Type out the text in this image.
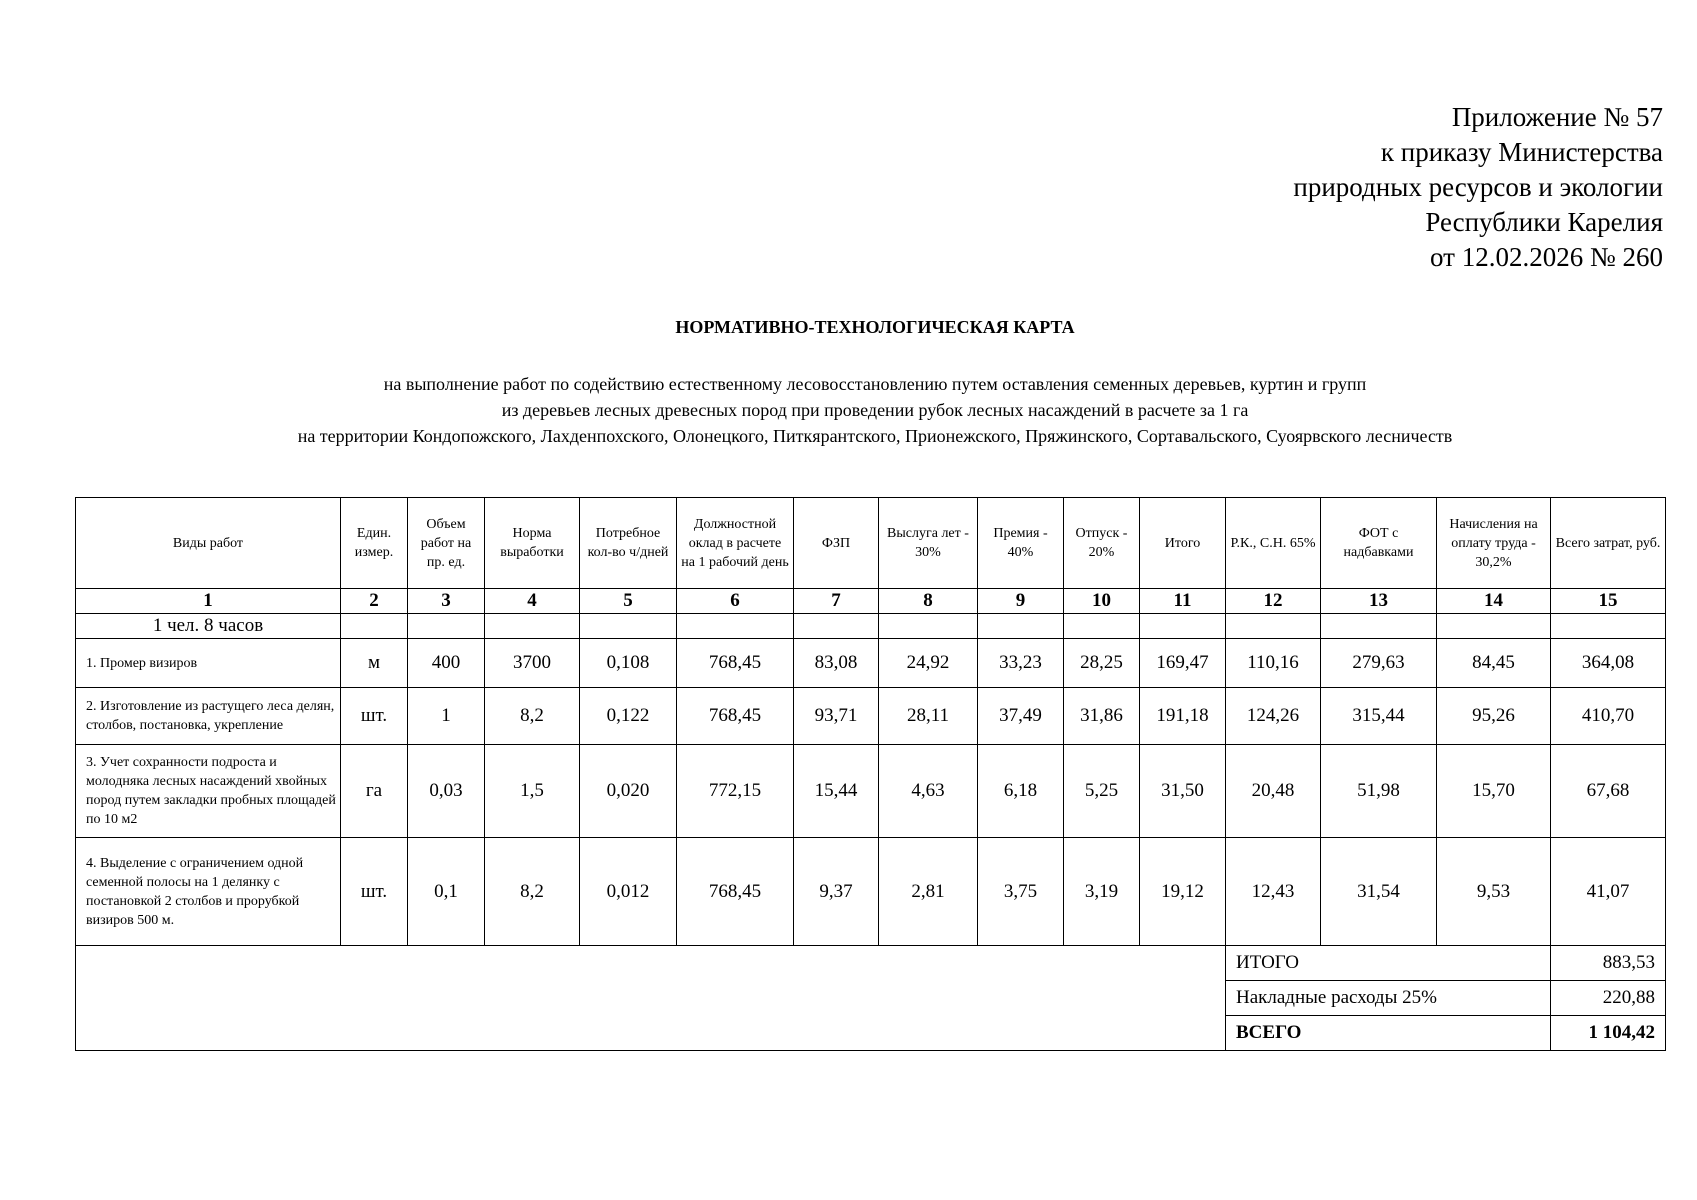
Приложение № 57
к приказу Министерства
природных ресурсов и экологии
Республики Карелия
от 12.02.2026 № 260
НОРМАТИВНО-ТЕХНОЛОГИЧЕСКАЯ КАРТА
на выполнение работ по содействию естественному лесовосстановлению путем оставления семенных деревьев, куртин и групп
из деревьев лесных древесных пород при проведении рубок лесных насаждений в расчете за 1 га
на территории Кондопожского, Лахденпохского, Олонецкого, Питкярантского, Прионежского, Пряжинского, Сортавальского, Суоярвского лесничеств
Виды работ	Един. измер.	Объем работ на пр. ед.	Норма выработки	Потребное кол-во ч/дней	Должностной оклад в расчете на 1 рабочий день	ФЗП	Выслуга лет - 30%	Премия - 40%	Отпуск - 20%	Итого	Р.К., С.Н. 65%	ФОТ с надбавками	Начисления на оплату труда - 30,2%	Всего затрат, руб.
1	2	3	4	5	6	7	8	9	10	11	12	13	14	15
1 чел. 8 часов														
1. Промер визиров	м	400	3700	0,108	768,45	83,08	24,92	33,23	28,25	169,47	110,16	279,63	84,45	364,08
2. Изготовление из растущего леса делян, столбов, постановка, укрепление	шт.	1	8,2	0,122	768,45	93,71	28,11	37,49	31,86	191,18	124,26	315,44	95,26	410,70
3. Учет сохранности подроста и молодняка лесных насаждений хвойных пород путем закладки пробных площадей по 10 м2	га	0,03	1,5	0,020	772,15	15,44	4,63	6,18	5,25	31,50	20,48	51,98	15,70	67,68
4. Выделение с ограничением одной семенной полосы на 1 делянку с постановкой 2 столбов и прорубкой визиров 500 м.	шт.	0,1	8,2	0,012	768,45	9,37	2,81	3,75	3,19	19,12	12,43	31,54	9,53	41,07
											ИТОГО			883,53
											Накладные расходы 25%			220,88
											ВСЕГО			1 104,42
